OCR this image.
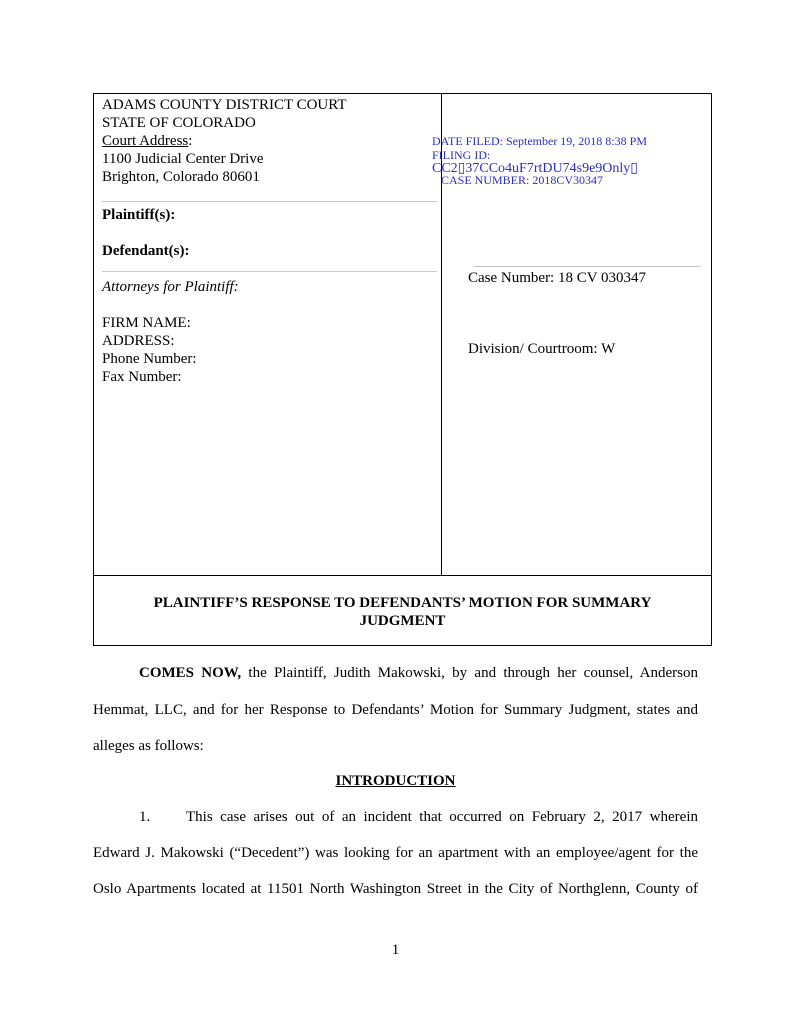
ADAMS COUNTY DISTRICT COURT
STATE OF COLORADO
Court Address:
1100 Judicial Center Drive
Brighton, Colorado 80601
Plaintiff(s):
Defendant(s):
Attorneys for Plaintiff:
FIRM NAME:
ADDRESS:
Phone Number:
Fax Number:
DATE FILED: September 19, 2018 8:38 PM
FILING ID:
CC2▯37CCo4uF7rtDU74s9e9Only▯
CASE NUMBER: 2018CV30347
Case Number: 18 CV 030347
Division/ Courtroom: W
PLAINTIFF’S RESPONSE TO DEFENDANTS’ MOTION FOR SUMMARY
JUDGMENT
COMES NOW, the Plaintiff, Judith Makowski, by and through her counsel, Anderson
Hemmat, LLC, and for her Response to Defendants’ Motion for Summary Judgment, states and
alleges as follows:
INTRODUCTION
1. This case arises out of an incident that occurred on February 2, 2017 wherein
Edward J. Makowski (“Decedent”) was looking for an apartment with an employee/agent for the
Oslo Apartments located at 11501 North Washington Street in the City of Northglenn, County of
1
